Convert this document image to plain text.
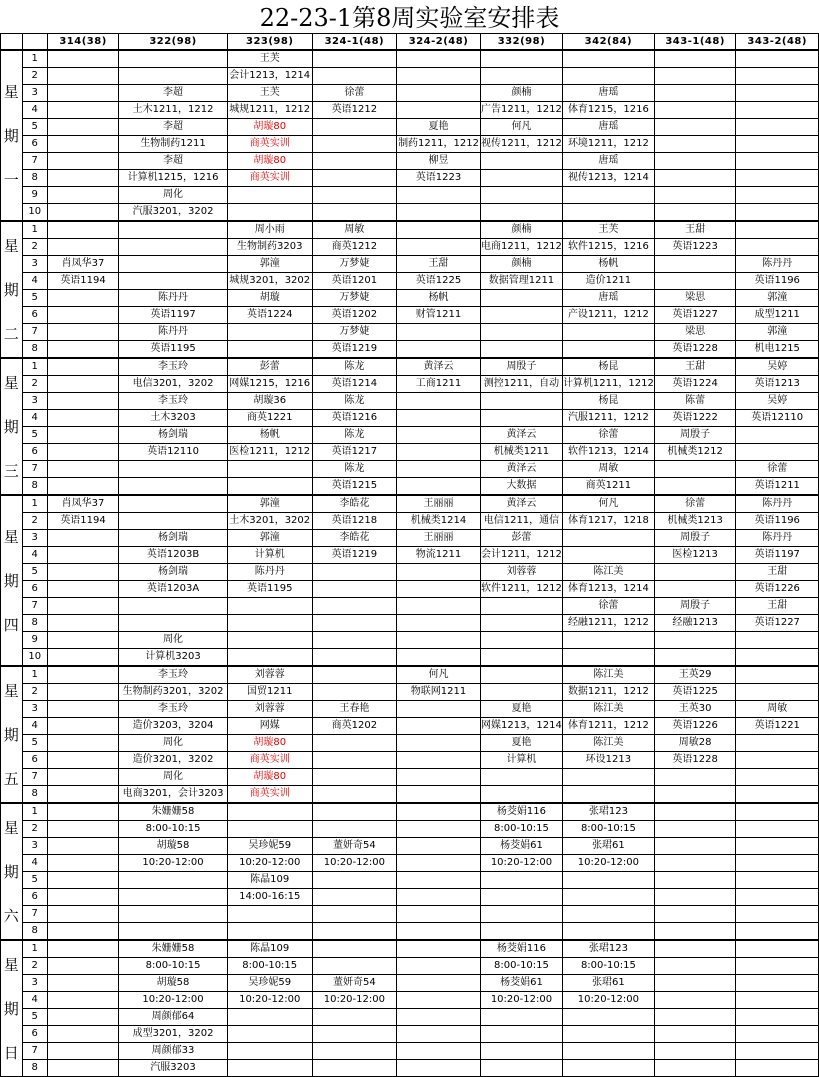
22-23-1第8周实验室安排表
		314(38)	322(98)	323(98)	324-1(48)	324-2(48)	332(98)	342(84)	343-1(48)	343-2(48)

星
期
一	1			王芙						
	2			会计1213，1214						
	3		李超	王芙	徐蕾		颜楠	唐瑶		
	4		土木1211，1212	城规1211，1212	英语1212		广告1211，1212	体育1215，1216		
	5		李超	胡璇80		夏艳	何凡	唐瑶		
	6		生物制药1211	商英实训		制药1211，1212	视传1211，1212	环境1211，1212		
	7		李超	胡璇80		柳昱		唐瑶		
	8		计算机1215，1216	商英实训		英语1223		视传1213，1214		
	9		周化							
	10		汽服3201，3202							

星
期
二	1			周小雨	周敏		颜楠	王芙	王甜	
	2			生物制药3203	商英1212		电商1211，1212	软件1215，1216	英语1223	
	3	肖凤华37		郭潼	万梦婕	王甜	颜楠	杨帆		陈丹丹
	4	英语1194		城规3201，3202	英语1201	英语1225	数据管理1211	造价1211		英语1196
	5		陈丹丹	胡璇	万梦婕	杨帆		唐瑶	梁思	郭潼
	6		英语1197	英语1224	英语1202	财管1211		产设1211，1212	英语1227	成型1211
	7		陈丹丹		万梦婕				梁思	郭潼
	8		英语1195		英语1219				英语1228	机电1215

星
期
三	1		李玉玲	彭蕾	陈龙	黄泽云	周殷子	杨昆	王甜	吴婷
	2		电信3201，3202	网媒1215，1216	英语1214	工商1211	测控1211，自动	计算机1211，1212	英语1224	英语1213
	3		李玉玲	胡璇36	陈龙			杨昆	陈蕾	吴婷
	4		土木3203	商英1221	英语1216			汽服1211，1212	英语1222	英语12110
	5		杨剑瑞	杨帆	陈龙		黄泽云	徐蕾	周殷子	
	6		英语12110	医检1211，1212	英语1217		机械类1211	软件1213，1214	机械类1212	
	7				陈龙		黄泽云	周敏		徐蕾
	8				英语1215		大数据	商英1211		英语1211

星
期
四	1	肖凤华37		郭潼	李皓花	王丽丽	黄泽云	何凡	徐蕾	陈丹丹
	2	英语1194		土木3201，3202	英语1218	机械类1214	电信1211，通信	体育1217，1218	机械类1213	英语1196
	3		杨剑瑞	郭潼	李皓花	王丽丽	彭蕾		周殷子	陈丹丹
	4		英语1203B	计算机	英语1219	物流1211	会计1211，1212		医检1213	英语1197
	5		杨剑瑞	陈丹丹			刘蓉蓉	陈江美		王甜
	6		英语1203A	英语1195			软件1211，1212	体育1213，1214		英语1226
	7							徐蕾	周殷子	王甜
	8							经融1211，1212	经融1213	英语1227
	9		周化							
	10		计算机3203							

星
期
五	1		李玉玲	刘蓉蓉		何凡		陈江美	王英29	
	2		生物制药3201，3202	国贸1211		物联网1211		数据1211，1212	英语1225	
	3		李玉玲	刘蓉蓉	王春艳		夏艳	陈江美	王英30	周敏
	4		造价3203，3204	网媒	商英1202		网媒1213，1214	体育1211，1212	英语1226	英语1221
	5		周化	胡璇80			夏艳	陈江美	周敏28	
	6		造价3201，3202	商英实训			计算机	环设1213	英语1228	
	7		周化	胡璇80						
	8		电商3201，会计3203	商英实训						

星
期
六	1		朱姗姗58				杨茭娟116	张珺123		
	2		8:00-10:15				8:00-10:15	8:00-10:15		
	3		胡璇58	吴珍妮59	董妍奇54		杨茭娟61	张珺61		
	4		10:20-12:00	10:20-12:00	10:20-12:00		10:20-12:00	10:20-12:00		
	5			陈晶109						
	6			14:00-16:15						
	7									
	8									

星
期
日	1		朱姗姗58	陈晶109			杨茭娟116	张珺123		
	2		8:00-10:15	8:00-10:15			8:00-10:15	8:00-10:15		
	3		胡璇58	吴珍妮59	董妍奇54		杨茭娟61	张珺61		
	4		10:20-12:00	10:20-12:00	10:20-12:00		10:20-12:00	10:20-12:00		
	5		周颜郁64							
	6		成型3201，3202							
	7		周颜郁33							
	8		汽服3203							
